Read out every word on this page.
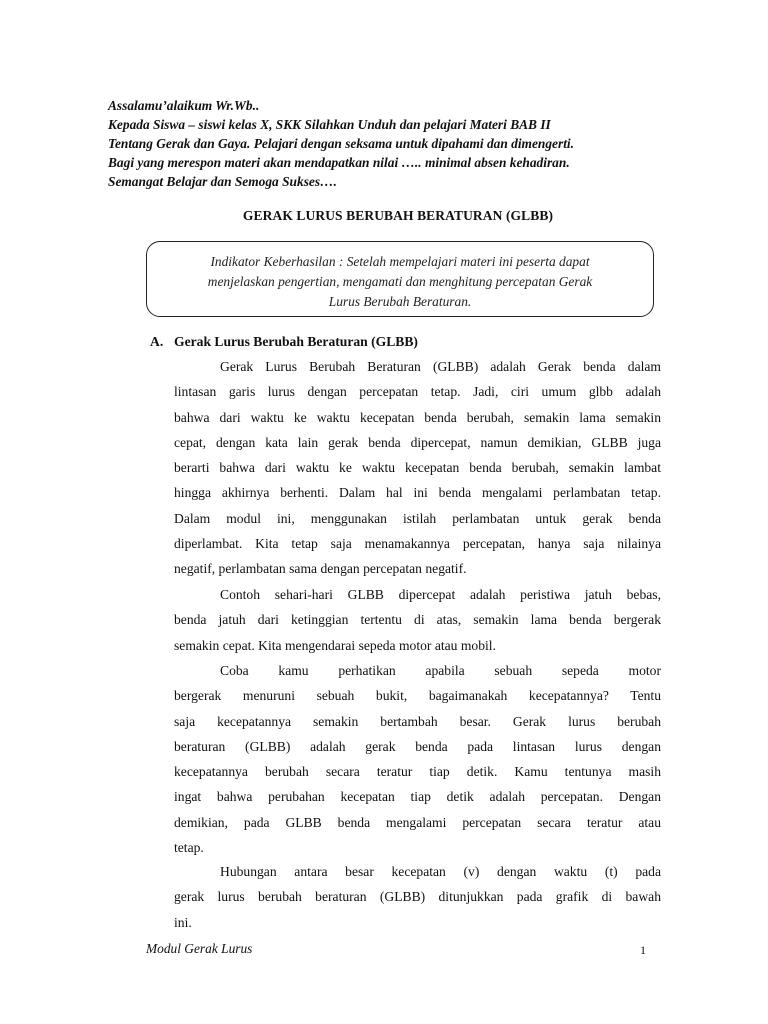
Assalamu’alaikum Wr.Wb..
Kepada Siswa – siswi kelas X, SKK Silahkan Unduh dan pelajari Materi BAB II
Tentang Gerak dan Gaya. Pelajari dengan seksama untuk dipahami dan dimengerti.
Bagi yang merespon materi akan mendapatkan nilai ….. minimal absen kehadiran.
Semangat Belajar dan Semoga Sukses….
GERAK LURUS BERUBAH BERATURAN (GLBB)
Indikator Keberhasilan : Setelah mempelajari materi ini peserta dapat
menjelaskan pengertian, mengamati dan menghitung percepatan Gerak
Lurus Berubah Beraturan.
A. Gerak Lurus Berubah Beraturan (GLBB)
Gerak Lurus Berubah Beraturan (GLBB) adalah Gerak benda dalam
lintasan garis lurus dengan percepatan tetap. Jadi, ciri umum glbb adalah
bahwa dari waktu ke waktu kecepatan benda berubah, semakin lama semakin
cepat, dengan kata lain gerak benda dipercepat, namun demikian, GLBB juga
berarti bahwa dari waktu ke waktu kecepatan benda berubah, semakin lambat
hingga akhirnya berhenti. Dalam hal ini benda mengalami perlambatan tetap.
Dalam modul ini, menggunakan istilah perlambatan untuk gerak benda
diperlambat. Kita tetap saja menamakannya percepatan, hanya saja nilainya
negatif, perlambatan sama dengan percepatan negatif.
Contoh sehari-hari GLBB dipercepat adalah peristiwa jatuh bebas,
benda jatuh dari ketinggian tertentu di atas, semakin lama benda bergerak
semakin cepat. Kita mengendarai sepeda motor atau mobil.
Coba kamu perhatikan apabila sebuah sepeda motor
bergerak menuruni sebuah bukit, bagaimanakah kecepatannya? Tentu
saja kecepatannya semakin bertambah besar. Gerak lurus berubah
beraturan (GLBB) adalah gerak benda pada lintasan lurus dengan
kecepatannya berubah secara teratur tiap detik. Kamu tentunya masih
ingat bahwa perubahan kecepatan tiap detik adalah percepatan. Dengan
demikian, pada GLBB benda mengalami percepatan secara teratur atau
tetap.
Hubungan antara besar kecepatan (v) dengan waktu (t) pada
gerak lurus berubah beraturan (GLBB) ditunjukkan pada grafik di bawah
ini.
Modul Gerak Lurus	1
